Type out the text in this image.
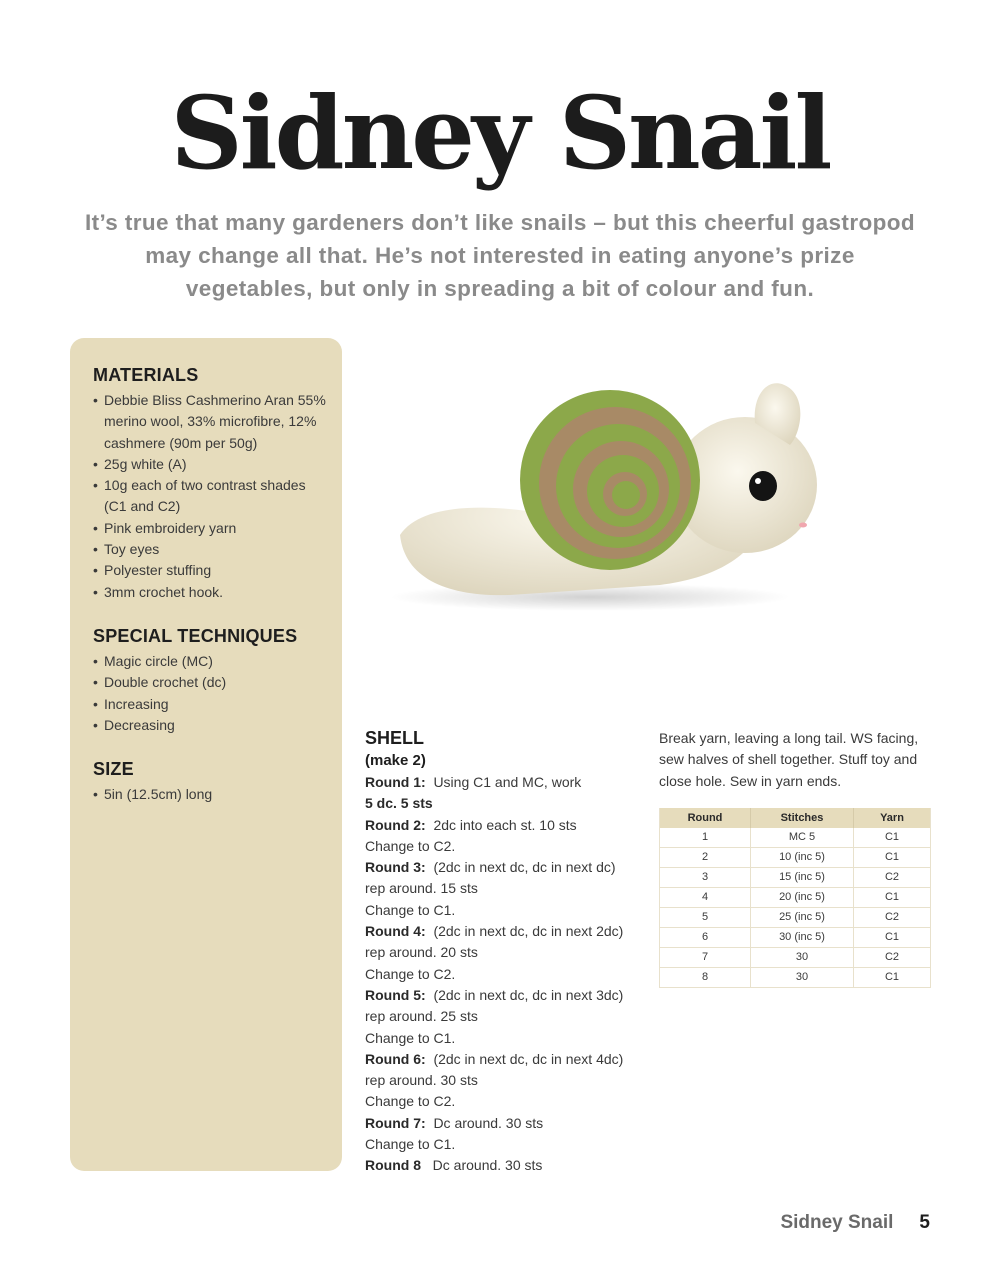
Sidney Snail

It’s true that many gardeners don’t like snails – but this cheerful gastropod may change all that. He’s not interested in eating anyone’s prize vegetables, but only in spreading a bit of colour and fun.

MATERIALS
• Debbie Bliss Cashmerino Aran 55% merino wool, 33% microfibre, 12% cashmere (90m per 50g)
• 25g white (A)
• 10g each of two contrast shades (C1 and C2)
• Pink embroidery yarn
• Toy eyes
• Polyester stuffing
• 3mm crochet hook.
SPECIAL TECHNIQUES
• Magic circle (MC)
• Double crochet (dc)
• Increasing
• Decreasing
SIZE
• 5in (12.5cm) long
SHELL
(make 2)
Round 1: Using C1 and MC, work
5 dc. 5 sts
Round 2: 2dc into each st. 10 sts
Change to C2.
Round 3: (2dc in next dc, dc in next dc)
rep around. 15 sts
Change to C1.
Round 4: (2dc in next dc, dc in next 2dc)
rep around. 20 sts
Change to C2.
Round 5: (2dc in next dc, dc in next 3dc)
rep around. 25 sts
Change to C1.
Round 6: (2dc in next dc, dc in next 4dc)
rep around. 30 sts
Change to C2.
Round 7: Dc around. 30 sts
Change to C1.
Round 8 Dc around. 30 sts

Break yarn, leaving a long tail. WS facing, sew halves of shell together. Stuff toy and close hole. Sew in yarn ends.

Round	Stitches	Yarn
1	MC 5	C1
2	10 (inc 5)	C1
3	15 (inc 5)	C2
4	20 (inc 5)	C1
5	25 (inc 5)	C2
6	30 (inc 5)	C1
7	30	C2
8	30	C1
Sidney Snail 5
